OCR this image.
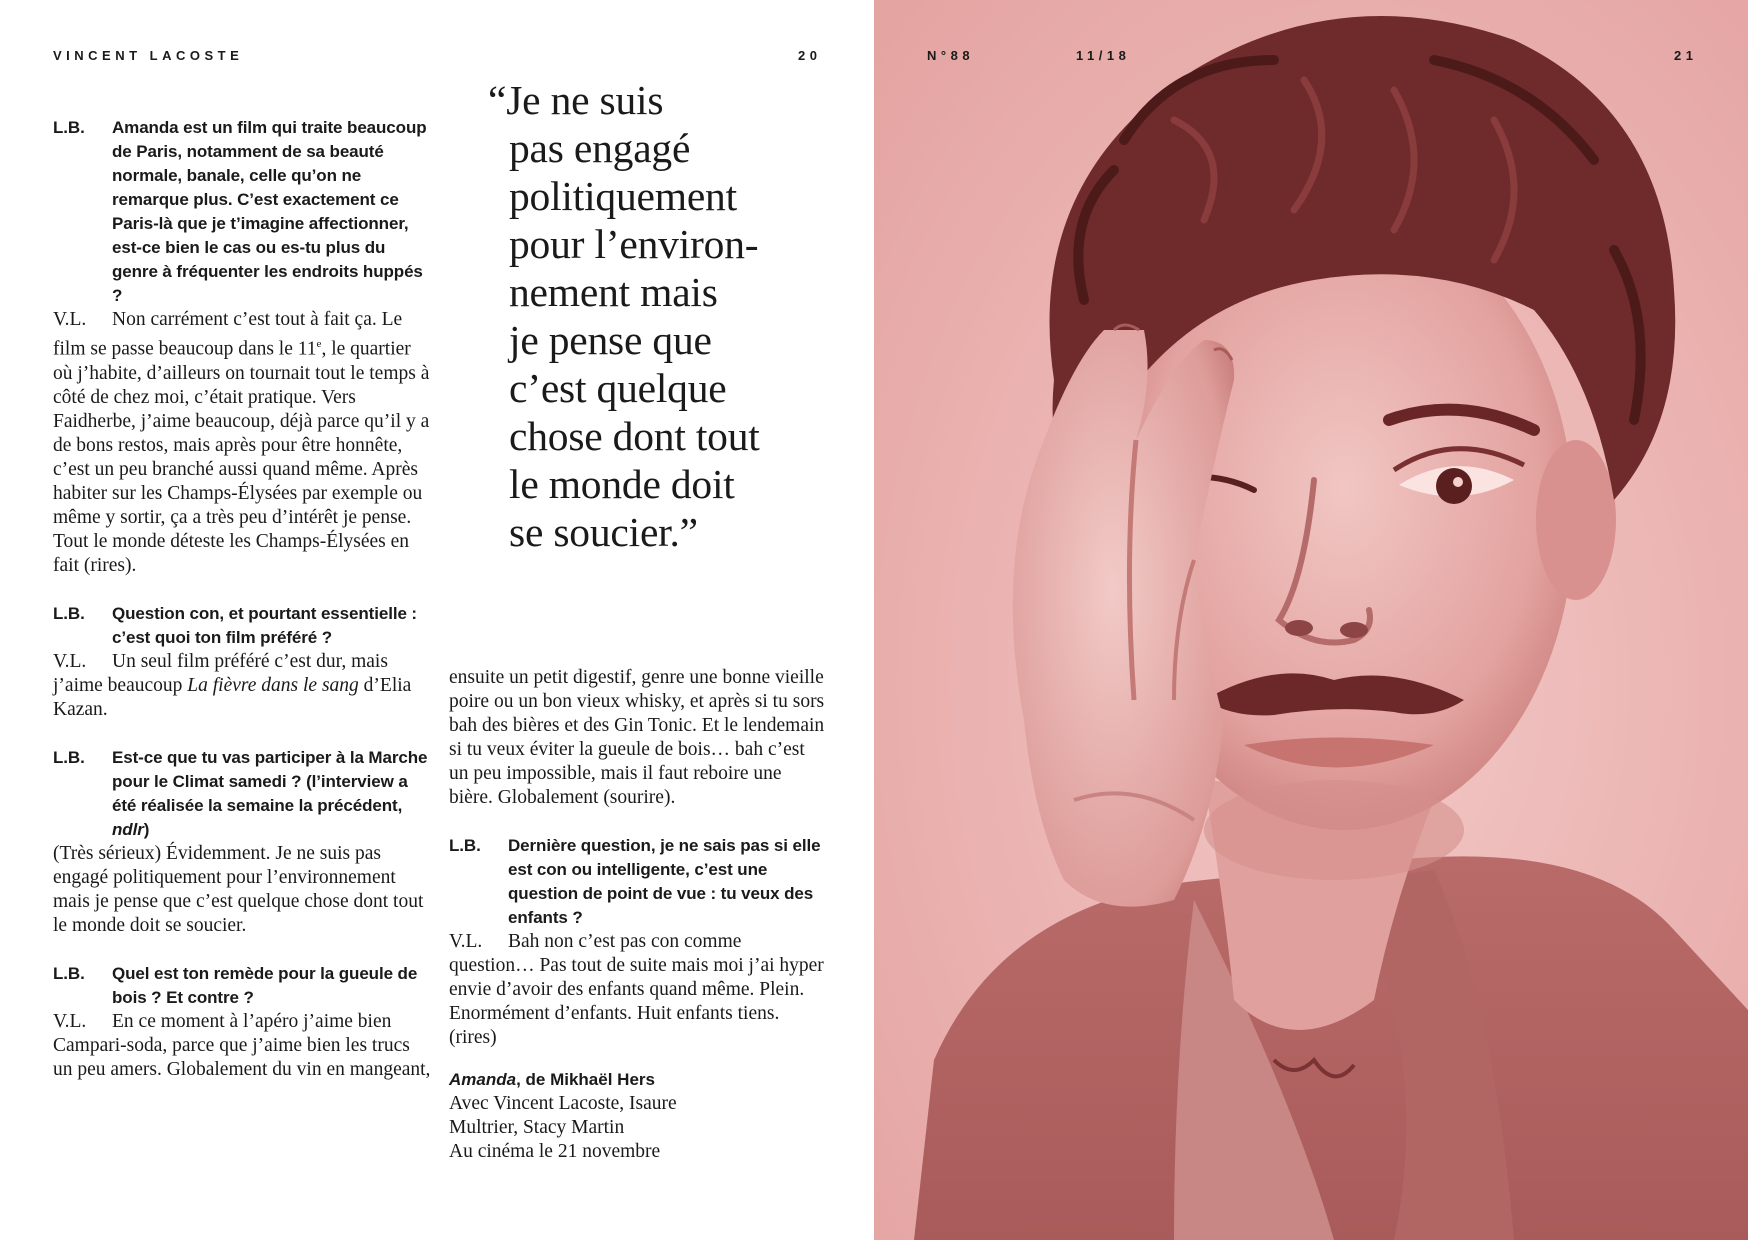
VINCENT LACOSTE	20
L.B. Amanda est un film qui traite beaucoup de Paris, notamment de sa beauté normale, banale, celle qu’on ne remarque plus. C’est exactement ce Paris-là que je t’imagine affectionner, est-ce bien le cas ou es-tu plus du genre à fréquenter les endroits huppés ?
V.L. Non carrément c’est tout à fait ça. Le film se passe beaucoup dans le 11e, le quartier où j’habite, d’ailleurs on tournait tout le temps à côté de chez moi, c’était pratique. Vers Faidherbe, j’aime beaucoup, déjà parce qu’il y a de bons restos, mais après pour être honnête, c’est un peu branché aussi quand même. Après habiter sur les Champs-Élysées par exemple ou même y sortir, ça a très peu d’intérêt je pense. Tout le monde déteste les Champs-Élysées en fait (rires).
L.B. Question con, et pourtant essentielle : c’est quoi ton film préféré ?
V.L. Un seul film préféré c’est dur, mais j’aime beaucoup La fièvre dans le sang d’Elia Kazan.
L.B. Est-ce que tu vas participer à la Marche pour le Climat samedi ? (l’interview a été réalisée la semaine la précédent, ndlr)
(Très sérieux) Évidemment. Je ne suis pas engagé politiquement pour l’environnement mais je pense que c’est quelque chose dont tout le monde doit se soucier.
L.B. Quel est ton remède pour la gueule de bois ? Et contre ?
V.L. En ce moment à l’apéro j’aime bien Campari-soda, parce que j’aime bien les trucs un peu amers. Globalement du vin en mangeant,
“Je ne suis
pas engagé
politiquement
pour l’environ-
nement mais
je pense que
c’est quelque
chose dont tout
le monde doit
se soucier.”
ensuite un petit digestif, genre une bonne vieille poire ou un bon vieux whisky, et après si tu sors bah des bières et des Gin Tonic. Et le lendemain si tu veux éviter la gueule de bois… bah c’est un peu impossible, mais il faut reboire une bière. Globalement (sourire).
L.B. Dernière question, je ne sais pas si elle est con ou intelligente, c’est une question de point de vue : tu veux des enfants ?
V.L. Bah non c’est pas con comme question… Pas tout de suite mais moi j’ai hyper envie d’avoir des enfants quand même. Plein. Enormément d’enfants. Huit enfants tiens. (rires)
Amanda, de Mikhaël Hers
Avec Vincent Lacoste, Isaure Multrier, Stacy Martin
Au cinéma le 21 novembre
N°88	11/18	21
